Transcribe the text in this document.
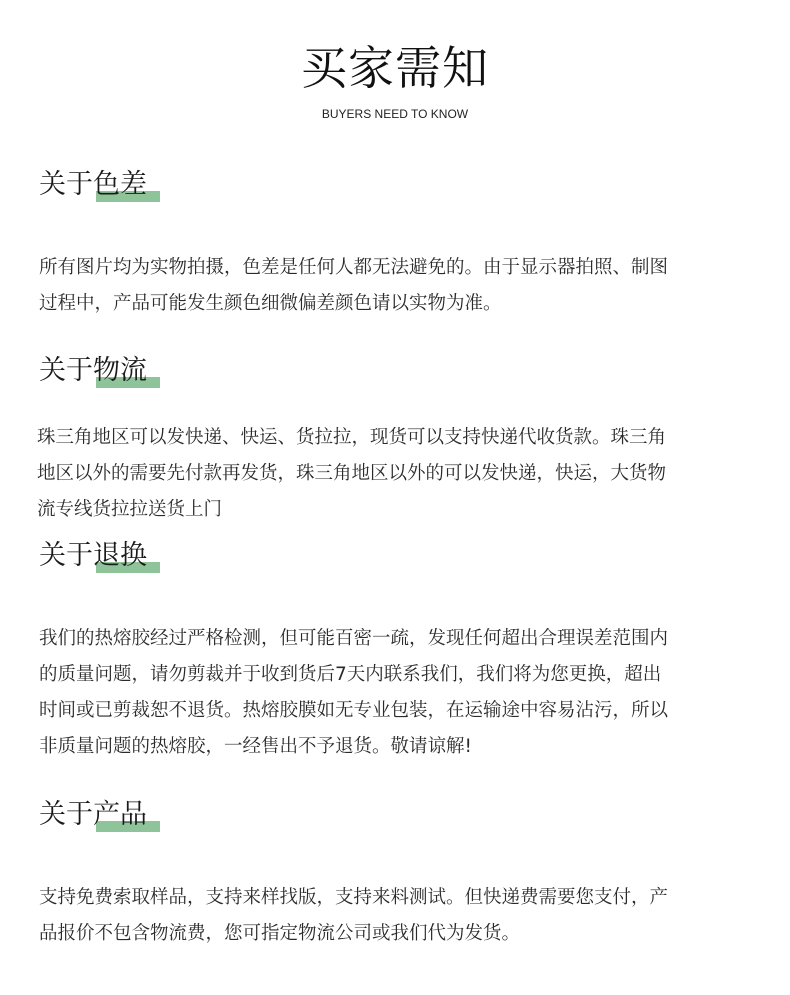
买家需知
BUYERS NEED TO KNOW
关于色差
所有图片均为实物拍摄，色差是任何人都无法避免的。由于显示器拍照、制图
过程中，产品可能发生颜色细微偏差颜色请以实物为准。
关于物流
珠三角地区可以发快递、快运、货拉拉，现货可以支持快递代收货款。珠三角
地区以外的需要先付款再发货，珠三角地区以外的可以发快递，快运，大货物
流专线货拉拉送货上门
关于退换
我们的热熔胶经过严格检测，但可能百密一疏，发现任何超出合理误差范围内
的质量问题，请勿剪裁并于收到货后7天内联系我们，我们将为您更换，超出
时间或已剪裁恕不退货。热熔胶膜如无专业包装，在运输途中容易沾污，所以
非质量问题的热熔胶，一经售出不予退货。敬请谅解!
关于产品
支持免费索取样品，支持来样找版，支持来料测试。但快递费需要您支付，产
品报价不包含物流费，您可指定物流公司或我们代为发货。
